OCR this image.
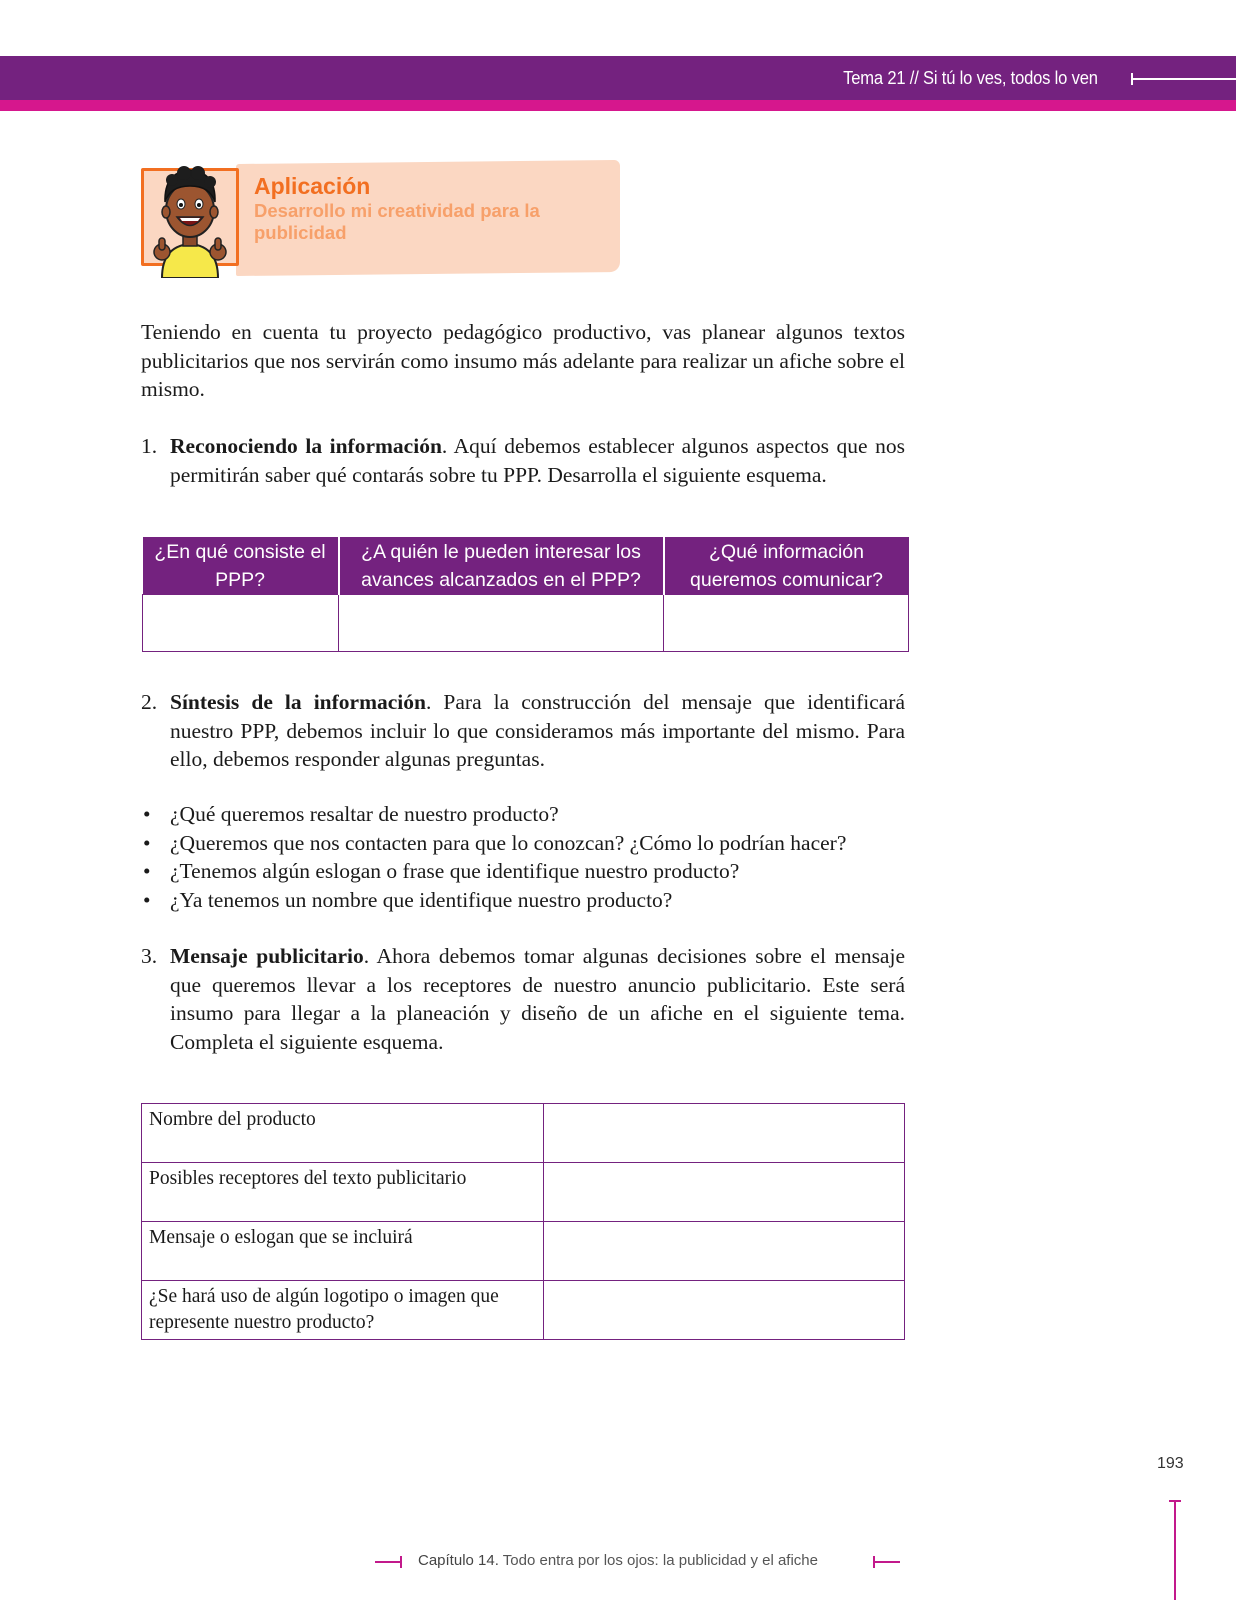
Tema 21 // Si tú lo ves, todos lo ven
Aplicación
Desarrollo mi creatividad para la publicidad
Teniendo en cuenta tu proyecto pedagógico productivo, vas planear algunos textos publicitarios que nos servirán como insumo más adelante para realizar un afiche sobre el mismo.
1. Reconociendo la información. Aquí debemos establecer algunos aspectos que nos permitirán saber qué contarás sobre tu PPP. Desarrolla el siguiente esquema.
¿En qué consiste el PPP?	¿A quién le pueden interesar los avances alcanzados en el PPP?	¿Qué información queremos comunicar?

2. Síntesis de la información. Para la construcción del mensaje que identificará nuestro PPP, debemos incluir lo que consideramos más importante del mismo. Para ello, debemos responder algunas preguntas.
• ¿Qué queremos resaltar de nuestro producto?
• ¿Queremos que nos contacten para que lo conozcan? ¿Cómo lo podrían hacer?
• ¿Tenemos algún eslogan o frase que identifique nuestro producto?
• ¿Ya tenemos un nombre que identifique nuestro producto?
3. Mensaje publicitario. Ahora debemos tomar algunas decisiones sobre el mensaje que queremos llevar a los receptores de nuestro anuncio publicitario. Este será insumo para llegar a la planeación y diseño de un afiche en el siguiente tema. Completa el siguiente esquema.
Nombre del producto	
Posibles receptores del texto publicitario	
Mensaje o eslogan que se incluirá	
¿Se hará uso de algún logotipo o imagen que represente nuestro producto?	
193
Capítulo 14. Todo entra por los ojos: la publicidad y el afiche
